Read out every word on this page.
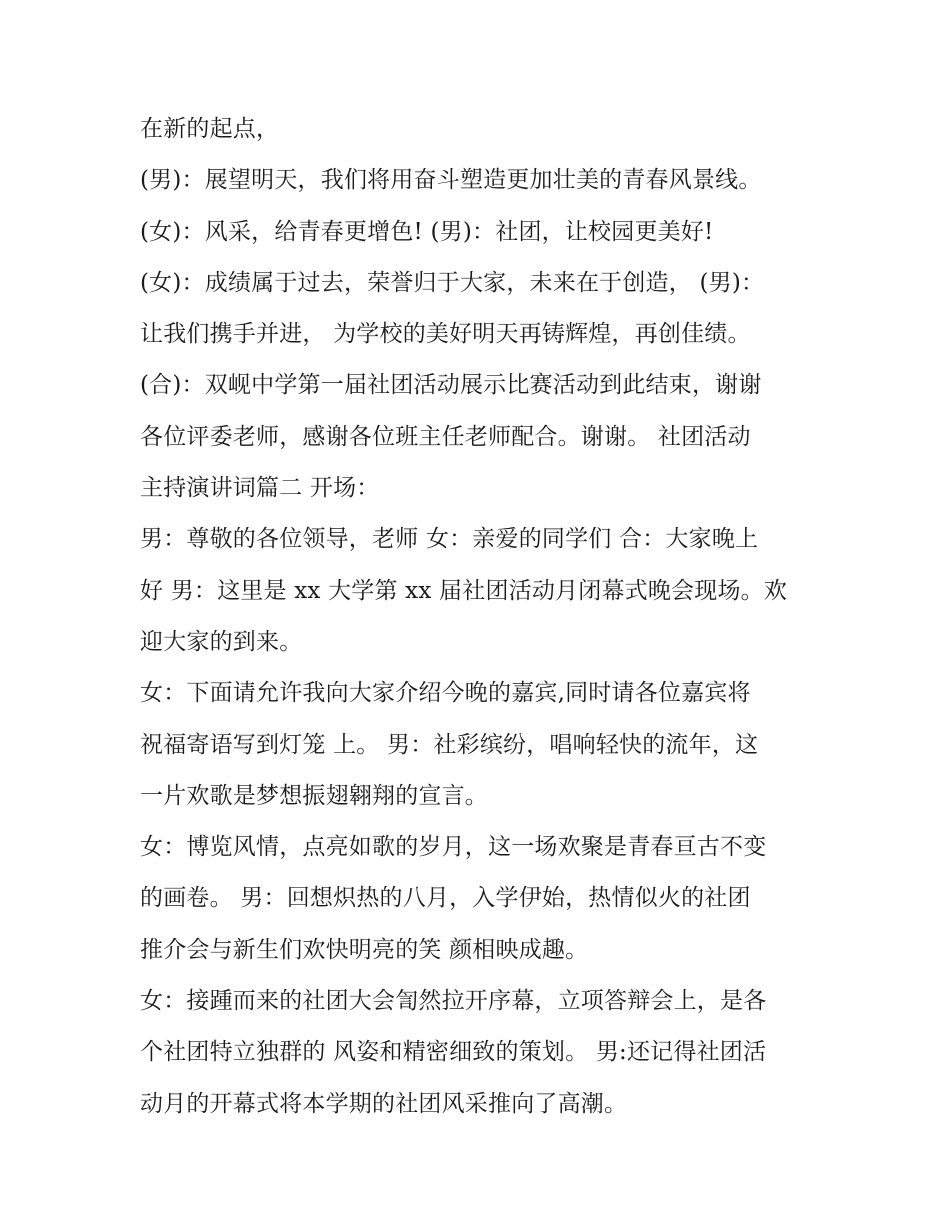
在新的起点，
(男)：展望明天，我们将用奋斗塑造更加壮美的青春风景线。
(女)：风采，给青春更增色! (男)：社团，让校园更美好!
(女)：成绩属于过去，荣誉归于大家，未来在于创造， (男)：
让我们携手并进， 为学校的美好明天再铸辉煌，再创佳绩。
(合)：双岘中学第一届社团活动展示比赛活动到此结束，谢谢
各位评委老师，感谢各位班主任老师配合。谢谢。 社团活动
主持演讲词篇二 开场：
男：尊敬的各位领导，老师 女：亲爱的同学们 合：大家晚上
好 男：这里是 xx 大学第 xx 届社团活动月闭幕式晚会现场。欢
迎大家的到来。
女：下面请允许我向大家介绍今晚的嘉宾,同时请各位嘉宾将
祝福寄语写到灯笼 上。 男：社彩缤纷，唱响轻快的流年，这
一片欢歌是梦想振翅翱翔的宣言。
女：博览风情，点亮如歌的岁月，这一场欢聚是青春亘古不变
的画卷。 男：回想炽热的八月，入学伊始，热情似火的社团
推介会与新生们欢快明亮的笑 颜相映成趣。
女：接踵而来的社团大会訇然拉开序幕，立项答辩会上，是各
个社团特立独群的 风姿和精密细致的策划。 男:还记得社团活
动月的开幕式将本学期的社团风采推向了高潮。
